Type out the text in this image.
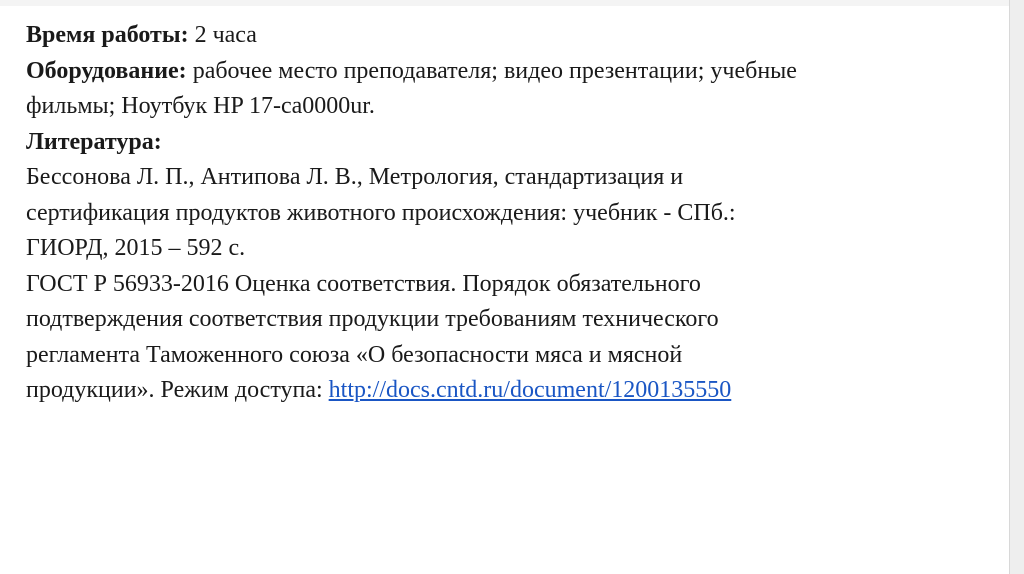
Время работы: 2 часа

Оборудование: рабочее место преподавателя; видео презентации; учебные

фильмы; Ноутбук HP 17-ca0000ur.

Литература:

Бессонова Л. П., Антипова Л. В., Метрология, стандартизация и

сертификация продуктов животного происхождения: учебник - СПб.:

ГИОРД, 2015 – 592 с.

ГОСТ Р 56933-2016 Оценка соответствия. Порядок обязательного

подтверждения соответствия продукции требованиям технического

регламента Таможенного союза «О безопасности мяса и мясной

продукции». Режим доступа: http://docs.cntd.ru/document/1200135550
